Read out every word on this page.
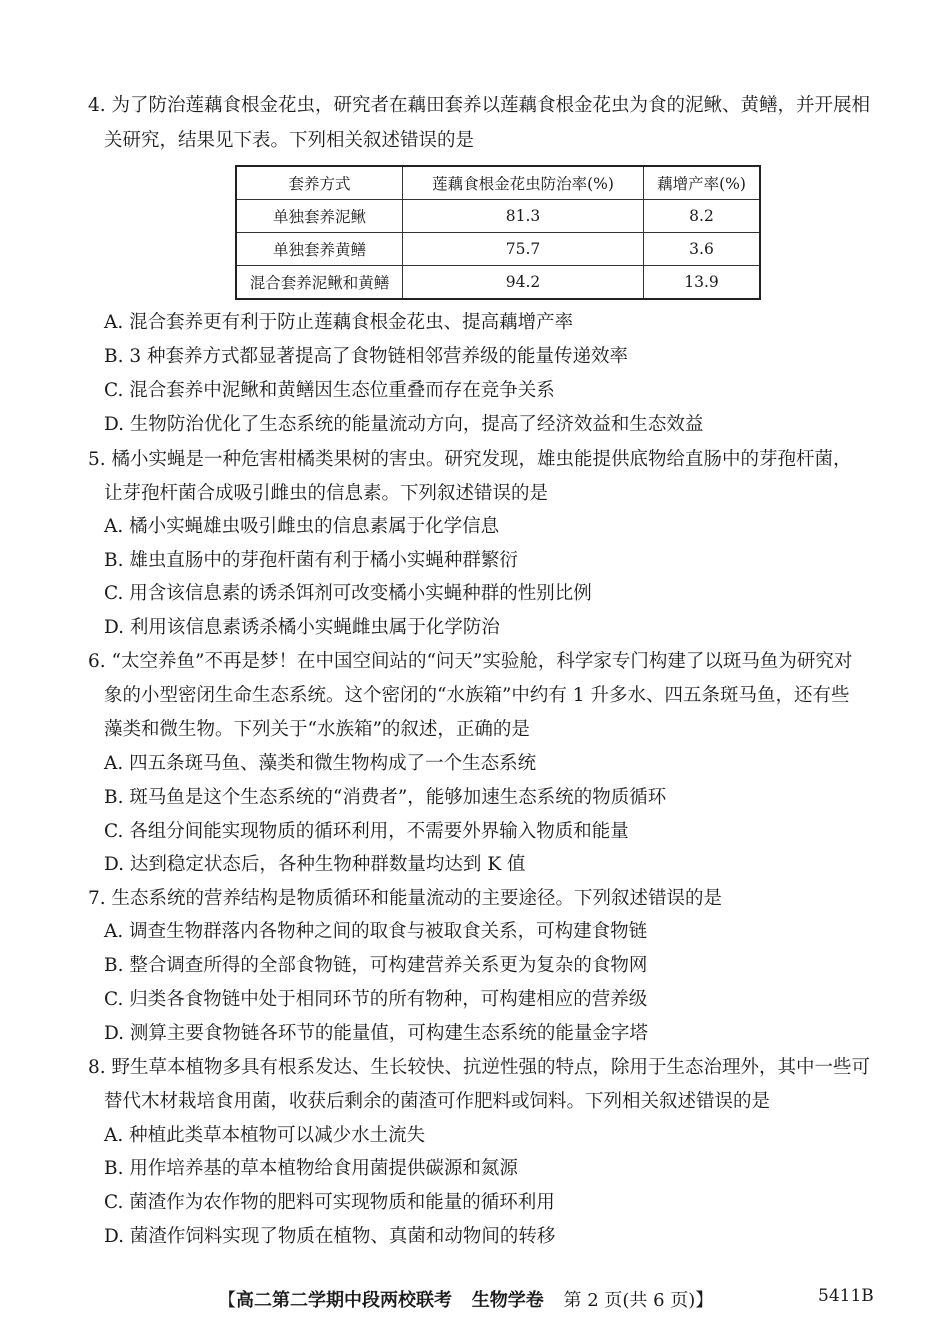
4. 为了防治莲藕食根金花虫，研究者在藕田套养以莲藕食根金花虫为食的泥鳅、黄鳝，并开展相
关研究，结果见下表。下列相关叙述错误的是
套养方式	莲藕食根金花虫防治率(%)	藕增产率(%)
单独套养泥鳅	81.3	8.2
单独套养黄鳝	75.7	3.6
混合套养泥鳅和黄鳝	94.2	13.9
A. 混合套养更有利于防止莲藕食根金花虫、提高藕增产率
B. 3 种套养方式都显著提高了食物链相邻营养级的能量传递效率
C. 混合套养中泥鳅和黄鳝因生态位重叠而存在竞争关系
D. 生物防治优化了生态系统的能量流动方向，提高了经济效益和生态效益
5. 橘小实蝇是一种危害柑橘类果树的害虫。研究发现，雄虫能提供底物给直肠中的芽孢杆菌，
让芽孢杆菌合成吸引雌虫的信息素。下列叙述错误的是
A. 橘小实蝇雄虫吸引雌虫的信息素属于化学信息
B. 雄虫直肠中的芽孢杆菌有利于橘小实蝇种群繁衍
C. 用含该信息素的诱杀饵剂可改变橘小实蝇种群的性别比例
D. 利用该信息素诱杀橘小实蝇雌虫属于化学防治
6. “太空养鱼”不再是梦！在中国空间站的“问天”实验舱，科学家专门构建了以斑马鱼为研究对
象的小型密闭生命生态系统。这个密闭的“水族箱”中约有 1 升多水、四五条斑马鱼，还有些
藻类和微生物。下列关于“水族箱”的叙述，正确的是
A. 四五条斑马鱼、藻类和微生物构成了一个生态系统
B. 斑马鱼是这个生态系统的“消费者”，能够加速生态系统的物质循环
C. 各组分间能实现物质的循环利用，不需要外界输入物质和能量
D. 达到稳定状态后，各种生物种群数量均达到 K 值
7. 生态系统的营养结构是物质循环和能量流动的主要途径。下列叙述错误的是
A. 调查生物群落内各物种之间的取食与被取食关系，可构建食物链
B. 整合调查所得的全部食物链，可构建营养关系更为复杂的食物网
C. 归类各食物链中处于相同环节的所有物种，可构建相应的营养级
D. 测算主要食物链各环节的能量值，可构建生态系统的能量金字塔
8. 野生草本植物多具有根系发达、生长较快、抗逆性强的特点，除用于生态治理外，其中一些可
替代木材栽培食用菌，收获后剩余的菌渣可作肥料或饲料。下列相关叙述错误的是
A. 种植此类草本植物可以减少水土流失
B. 用作培养基的草本植物给食用菌提供碳源和氮源
C. 菌渣作为农作物的肥料可实现物质和能量的循环利用
D. 菌渣作饲料实现了物质在植物、真菌和动物间的转移
【高二第二学期中段两校联考 生物学卷 第 2 页(共 6 页)】	5411B
